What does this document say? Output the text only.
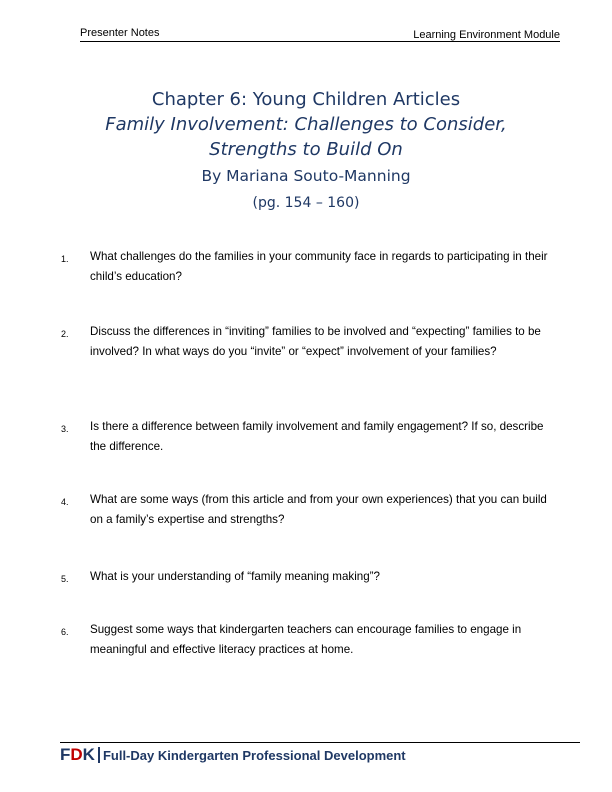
Presenter Notes	Learning Environment Module
Chapter 6: Young Children Articles
Family Involvement: Challenges to Consider,
Strengths to Build On
By Mariana Souto-Manning
(pg. 154 – 160)
1. What challenges do the families in your community face in regards to participating in their child’s education?

2. Discuss the differences in “inviting” families to be involved and “expecting” families to be involved? In what ways do you “invite” or “expect” involvement of your families?

3. Is there a difference between family involvement and family engagement? If so, describe the difference.

4. What are some ways (from this article and from your own experiences) that you can build on a family’s expertise and strengths?

5. What is your understanding of “family meaning making”?

6. Suggest some ways that kindergarten teachers can encourage families to engage in meaningful and effective literacy practices at home.

F D K Full-Day Kindergarten Professional Development
